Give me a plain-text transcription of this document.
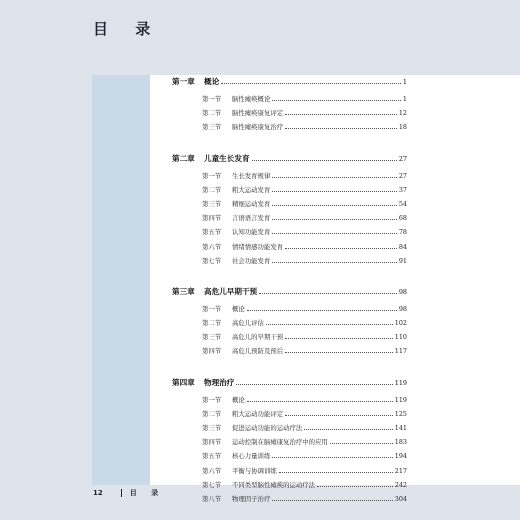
目 录
第一章	概论	1
第一节	脑性瘫痪概论	1
第二节	脑性瘫痪康复评定	12
第三节	脑性瘫痪康复治疗	18
第二章	儿童生长发育	27
第一节	生长发育规律	27
第二节	粗大运动发育	37
第三节	精细运动发育	54
第四节	言语语言发育	68
第五节	认知功能发育	78
第六节	情绪情感功能发育	84
第七节	社会功能发育	91
第三章	高危儿早期干预	98
第一节	概论	98
第二节	高危儿评估	102
第三节	高危儿的早期干预	110
第四节	高危儿预防及预后	117
第四章	物理治疗	119
第一节	概论	119
第二节	粗大运动功能评定	125
第三节	促进运动功能的运动疗法	141
第四节	运动控制在脑瘫康复治疗中的应用	183
第五节	核心力量训练	194
第六节	平衡与协调训练	217
第七节	不同类型脑性瘫痪的运动疗法	242
第八节	物理因子治疗	304
12	目 录
